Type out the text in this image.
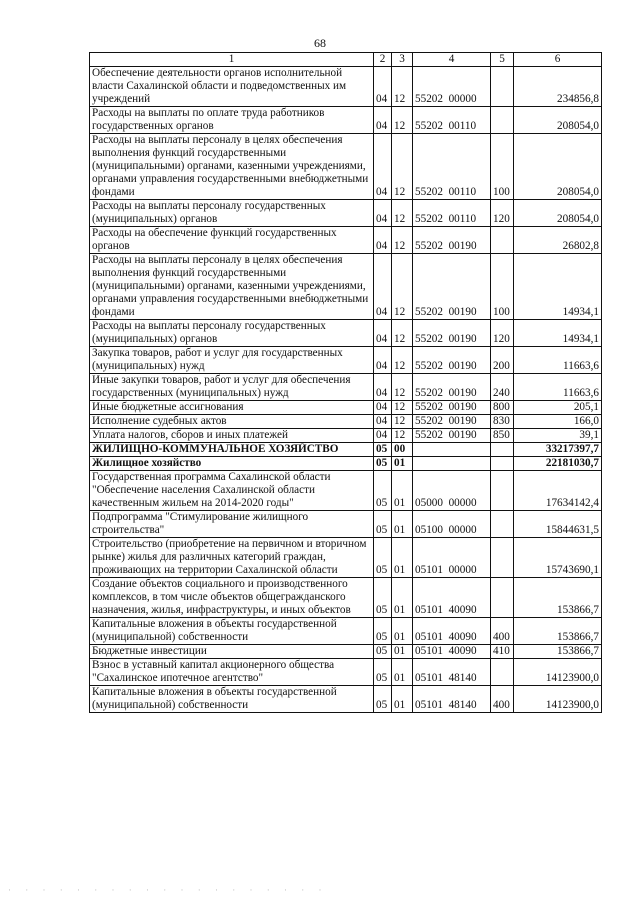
68
1	2	3	4	5	6
Обеспечение деятельности органов исполнительной власти Сахалинской области и подведомственных им учреждений	04	12	55202  00000		234856,8
Расходы на выплаты по оплате труда работников государственных органов	04	12	55202  00110		208054,0
Расходы на выплаты персоналу в целях обеспечения выполнения функций государственными (муниципальными) органами, казенными учреждениями, органами управления государственными внебюджетными фондами	04	12	55202  00110	100	208054,0
Расходы на выплаты персоналу государственных (муниципальных) органов	04	12	55202  00110	120	208054,0
Расходы на обеспечение функций государственных органов	04	12	55202  00190		26802,8
Расходы на выплаты персоналу в целях обеспечения выполнения функций государственными (муниципальными) органами, казенными учреждениями, органами управления государственными внебюджетными фондами	04	12	55202  00190	100	14934,1
Расходы на выплаты персоналу государственных (муниципальных) органов	04	12	55202  00190	120	14934,1
Закупка товаров, работ и услуг для государственных (муниципальных) нужд	04	12	55202  00190	200	11663,6
Иные закупки товаров, работ и услуг для обеспечения государственных (муниципальных) нужд	04	12	55202  00190	240	11663,6
Иные бюджетные ассигнования	04	12	55202  00190	800	205,1
Исполнение судебных актов	04	12	55202  00190	830	166,0
Уплата налогов, сборов и иных платежей	04	12	55202  00190	850	39,1
ЖИЛИЩНО-КОММУНАЛЬНОЕ ХОЗЯЙСТВО	05	00			33217397,7
Жилищное хозяйство	05	01			22181030,7
Государственная программа Сахалинской области "Обеспечение населения Сахалинской области качественным жильем на 2014-2020 годы"	05	01	05000  00000		17634142,4
Подпрограмма "Стимулирование жилищного строительства"	05	01	05100  00000		15844631,5
Строительство (приобретение на первичном и вторичном рынке) жилья для различных категорий граждан, проживающих на территории Сахалинской области	05	01	05101  00000		15743690,1
Создание объектов социального и производственного комплексов, в том числе объектов общегражданского назначения, жилья, инфраструктуры, и иных объектов	05	01	05101  40090		153866,7
Капитальные вложения в объекты государственной (муниципальной) собственности	05	01	05101  40090	400	153866,7
Бюджетные инвестиции	05	01	05101  40090	410	153866,7
Взнос в уставный капитал акционерного общества "Сахалинское ипотечное агентство"	05	01	05101  48140		14123900,0
Капитальные вложения в объекты государственной (муниципальной) собственности	05	01	05101  48140	400	14123900,0
· · · · · · · · · · · · · · · · · · ·
